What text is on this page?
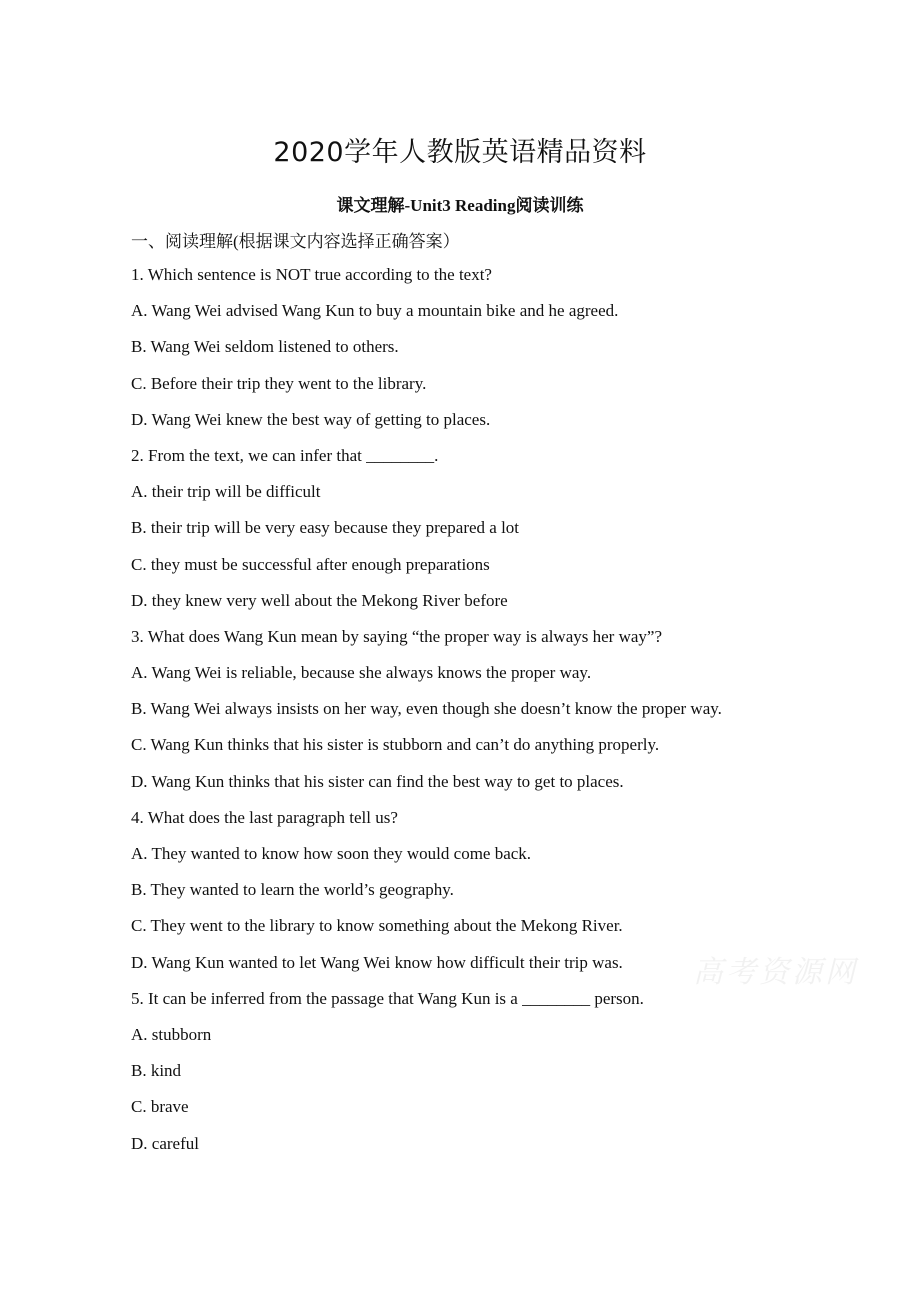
2020学年人教版英语精品资料
课文理解-Unit3 Reading阅读训练
一、阅读理解(根据课文内容选择正确答案）
1. Which sentence is NOT true according to the text?
A. Wang Wei advised Wang Kun to buy a mountain bike and he agreed.
B. Wang Wei seldom listened to others.
C. Before their trip they went to the library.
D. Wang Wei knew the best way of getting to places.
2. From the text, we can infer that ________.
A. their trip will be difficult
B. their trip will be very easy because they prepared a lot
C. they must be successful after enough preparations
D. they knew very well about the Mekong River before
3. What does Wang Kun mean by saying “the proper way is always her way”?
A. Wang Wei is reliable, because she always knows the proper way.
B. Wang Wei always insists on her way, even though she doesn’t know the proper way.
C. Wang Kun thinks that his sister is stubborn and can’t do anything properly.
D. Wang Kun thinks that his sister can find the best way to get to places.
4. What does the last paragraph tell us?
A. They wanted to know how soon they would come back.
B. They wanted to learn the world’s geography.
C. They went to the library to know something about the Mekong River.
D. Wang Kun wanted to let Wang Wei know how difficult their trip was.
5. It can be inferred from the passage that Wang Kun is a ________ person.
A. stubborn
B. kind
C. brave
D. careful
高考资源网
